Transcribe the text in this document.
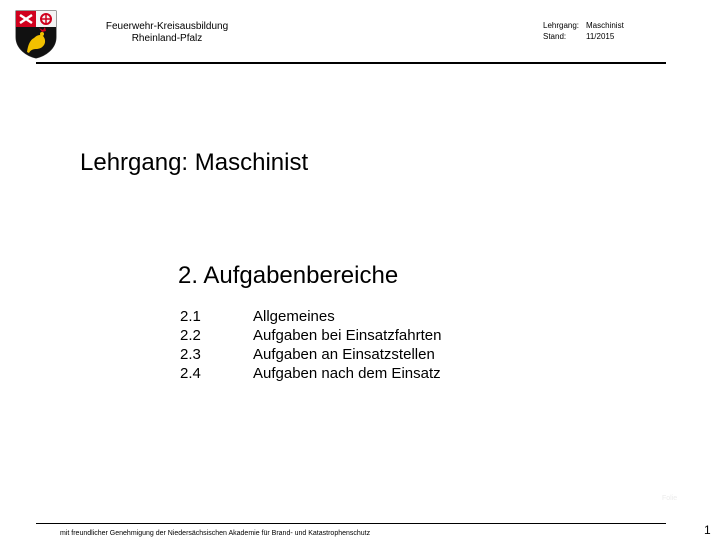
Feuerwehr-Kreisausbildung
Rheinland-Pfalz
Lehrgang: Maschinist
Stand: 11/2015
Lehrgang: Maschinist
2. Aufgabenbereiche
2.1	Allgemeines
2.2	Aufgaben bei Einsatzfahrten
2.3	Aufgaben an Einsatzstellen
2.4	Aufgaben nach dem Einsatz
Folie
mit freundlicher Genehmigung der Niedersächsischen Akademie für Brand- und Katastrophenschutz	1
